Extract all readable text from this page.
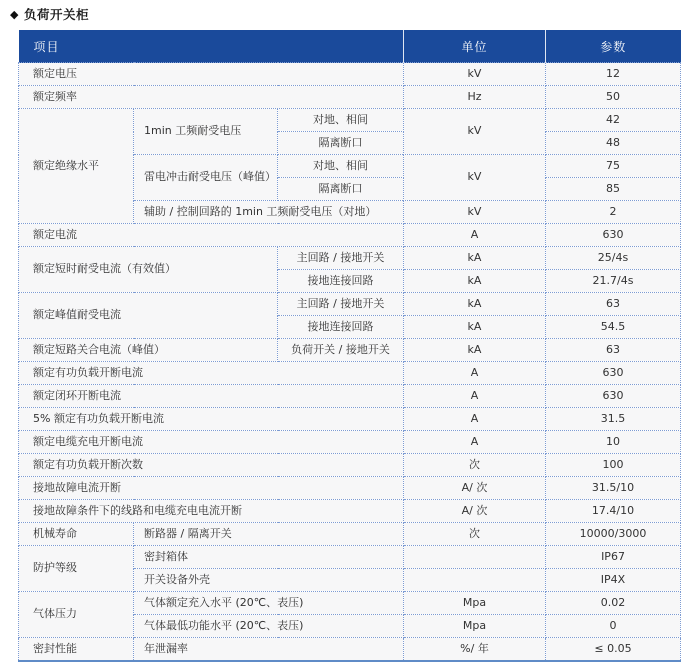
◆ 负荷开关柜
项目			单位	参数
额定电压			kV	12
额定频率			Hz	50
额定绝缘水平	1min 工频耐受电压	对地、相间	kV	42
		隔离断口		48
	雷电冲击耐受电压（峰值）	对地、相间	kV	75
		隔离断口		85
	辅助 / 控制回路的 1min 工频耐受电压（对地）		kV	2
额定电流			A	630
额定短时耐受电流（有效值）		主回路 / 接地开关	kA	25/4s
		接地连接回路	kA	21.7/4s
额定峰值耐受电流		主回路 / 接地开关	kA	63
		接地连接回路	kA	54.5
额定短路关合电流（峰值）		负荷开关 / 接地开关	kA	63
额定有功负载开断电流			A	630
额定闭环开断电流			A	630
5% 额定有功负载开断电流			A	31.5
额定电缆充电开断电流			A	10
额定有功负载开断次数			次	100
接地故障电流开断			A/ 次	31.5/10
接地故障条件下的线路和电缆充电电流开断			A/ 次	17.4/10
机械寿命	断路器 / 隔离开关		次	10000/3000
防护等级	密封箱体			IP67
	开关设备外壳			IP4X
气体压力	气体额定充入水平 (20℃、表压)		Mpa	0.02
	气体最低功能水平 (20℃、表压)		Mpa	0
密封性能	年泄漏率		%/ 年	≤ 0.05
